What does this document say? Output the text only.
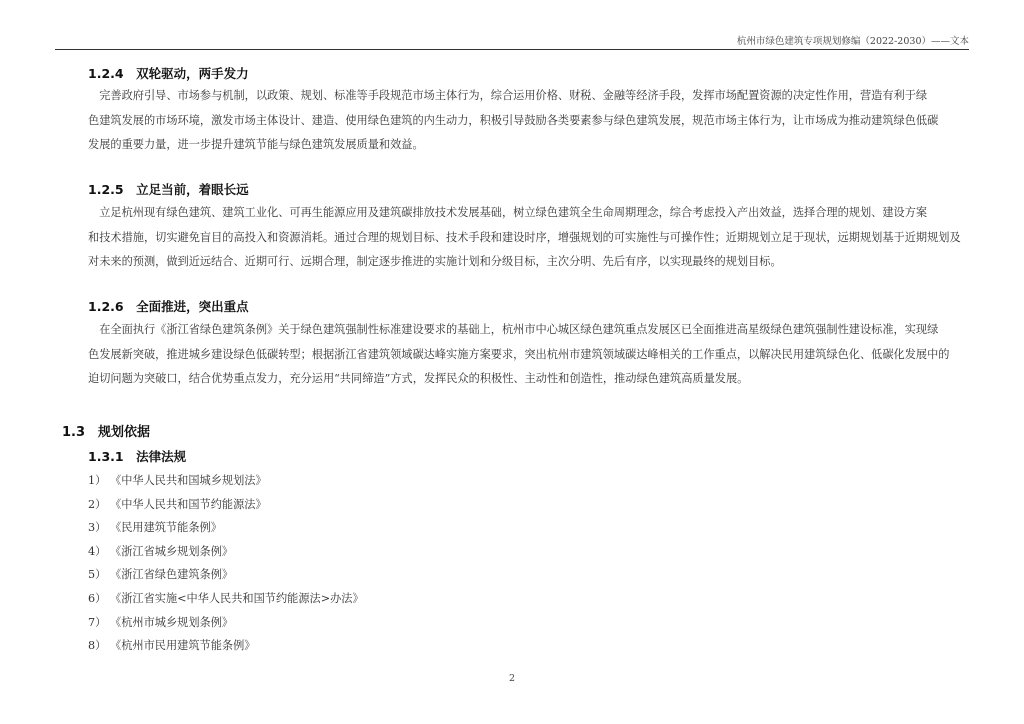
杭州市绿色建筑专项规划修编（2022-2030）——文本
1.2.4　双轮驱动，两手发力
　完善政府引导、市场参与机制，以政策、规划、标准等手段规范市场主体行为，综合运用价格、财税、金融等经济手段，发挥市场配置资源的决定性作用，营造有利于绿
色建筑发展的市场环境，激发市场主体设计、建造、使用绿色建筑的内生动力，积极引导鼓励各类要素参与绿色建筑发展，规范市场主体行为，让市场成为推动建筑绿色低碳
发展的重要力量，进一步提升建筑节能与绿色建筑发展质量和效益。
1.2.5　立足当前，着眼长远
　立足杭州现有绿色建筑、建筑工业化、可再生能源应用及建筑碳排放技术发展基础，树立绿色建筑全生命周期理念，综合考虑投入产出效益，选择合理的规划、建设方案
和技术措施，切实避免盲目的高投入和资源消耗。通过合理的规划目标、技术手段和建设时序，增强规划的可实施性与可操作性；近期规划立足于现状，远期规划基于近期规划及
对未来的预测，做到近远结合、近期可行、远期合理，制定逐步推进的实施计划和分级目标，主次分明、先后有序，以实现最终的规划目标。
1.2.6　全面推进，突出重点
　在全面执行《浙江省绿色建筑条例》关于绿色建筑强制性标准建设要求的基础上，杭州市中心城区绿色建筑重点发展区已全面推进高星级绿色建筑强制性建设标准，实现绿
色发展新突破，推进城乡建设绿色低碳转型；根据浙江省建筑领域碳达峰实施方案要求，突出杭州市建筑领域碳达峰相关的工作重点，以解决民用建筑绿色化、低碳化发展中的
迫切问题为突破口，结合优势重点发力，充分运用“共同缔造”方式，发挥民众的积极性、主动性和创造性，推动绿色建筑高质量发展。
1.3　规划依据
1.3.1　法律法规
1） 《中华人民共和国城乡规划法》
2） 《中华人民共和国节约能源法》
3） 《民用建筑节能条例》
4） 《浙江省城乡规划条例》
5） 《浙江省绿色建筑条例》
6） 《浙江省实施<中华人民共和国节约能源法>办法》
7） 《杭州市城乡规划条例》
8） 《杭州市民用建筑节能条例》
2
